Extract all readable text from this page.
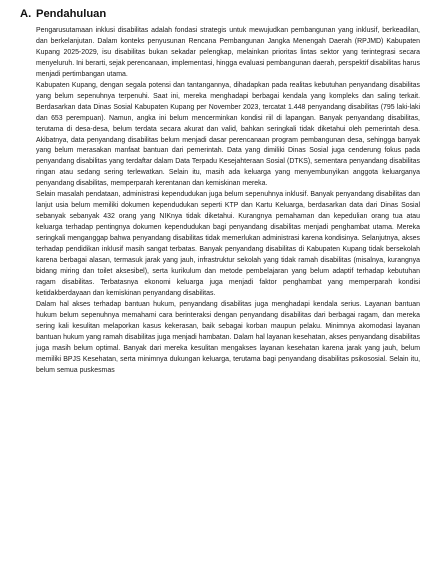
A. Pendahuluan

Pengarusutamaan inklusi disabilitas adalah fondasi strategis untuk mewujudkan pembangunan yang inklusif, berkeadilan, dan berkelanjutan. Dalam konteks penyusunan Rencana Pembangunan Jangka Menengah Daerah (RPJMD) Kabupaten Kupang 2025-2029, isu disabilitas bukan sekadar pelengkap, melainkan prioritas lintas sektor yang terintegrasi secara menyeluruh. Ini berarti, sejak perencanaan, implementasi, hingga evaluasi pembangunan daerah, perspektif disabilitas harus menjadi pertimbangan utama.

Kabupaten Kupang, dengan segala potensi dan tantangannya, dihadapkan pada realitas kebutuhan penyandang disabilitas yang belum sepenuhnya terpenuhi. Saat ini, mereka menghadapi berbagai kendala yang kompleks dan saling terkait. Berdasarkan data Dinas Sosial Kabupaten Kupang per November 2023, tercatat 1.448 penyandang disabilitas (795 laki-laki dan 653 perempuan). Namun, angka ini belum mencerminkan kondisi riil di lapangan. Banyak penyandang disabilitas, terutama di desa-desa, belum terdata secara akurat dan valid, bahkan seringkali tidak diketahui oleh pemerintah desa. Akibatnya, data penyandang disabilitas belum menjadi dasar perencanaan program pembangunan desa, sehingga banyak yang belum merasakan manfaat bantuan dari pemerintah. Data yang dimiliki Dinas Sosial juga cenderung fokus pada penyandang disabilitas yang terdaftar dalam Data Terpadu Kesejahteraan Sosial (DTKS), sementara penyandang disabilitas ringan atau sedang sering terlewatkan. Selain itu, masih ada keluarga yang menyembunyikan anggota keluarganya penyandang disabilitas, memperparah kerentanan dan kemiskinan mereka.

Selain masalah pendataan, administrasi kependudukan juga belum sepenuhnya inklusif. Banyak penyandang disabilitas dan lanjut usia belum memiliki dokumen kependudukan seperti KTP dan Kartu Keluarga, berdasarkan data dari Dinas Sosial sebanyak sebanyak 432 orang yang NIKnya tidak diketahui. Kurangnya pemahaman dan kepedulian orang tua atau keluarga terhadap pentingnya dokumen kependudukan bagi penyandang disabilitas menjadi penghambat utama. Mereka seringkali menganggap bahwa penyandang disabilitas tidak memerlukan administrasi karena kondisinya. Selanjutnya, akses terhadap pendidikan inklusif masih sangat terbatas. Banyak penyandang disabilitas di Kabupaten Kupang tidak bersekolah karena berbagai alasan, termasuk jarak yang jauh, infrastruktur sekolah yang tidak ramah disabilitas (misalnya, kurangnya bidang miring dan toilet aksesibel), serta kurikulum dan metode pembelajaran yang belum adaptif terhadap kebutuhan ragam disabilitas. Terbatasnya ekonomi keluarga juga menjadi faktor penghambat yang memperparah kondisi ketidakberdayaan dan kemiskinan penyandang disabilitas.

Dalam hal akses terhadap bantuan hukum, penyandang disabilitas juga menghadapi kendala serius. Layanan bantuan hukum belum sepenuhnya memahami cara berinteraksi dengan penyandang disabilitas dari berbagai ragam, dan mereka sering kali kesulitan melaporkan kasus kekerasan, baik sebagai korban maupun pelaku. Minimnya akomodasi layanan bantuan hukum yang ramah disabilitas juga menjadi hambatan. Dalam hal layanan kesehatan, akses penyandang disabilitas juga masih belum optimal. Banyak dari mereka kesulitan mengakses layanan kesehatan karena jarak yang jauh, belum memiliki BPJS Kesehatan, serta minimnya dukungan keluarga, terutama bagi penyandang disabilitas psikososial. Selain itu, belum semua puskesmas
